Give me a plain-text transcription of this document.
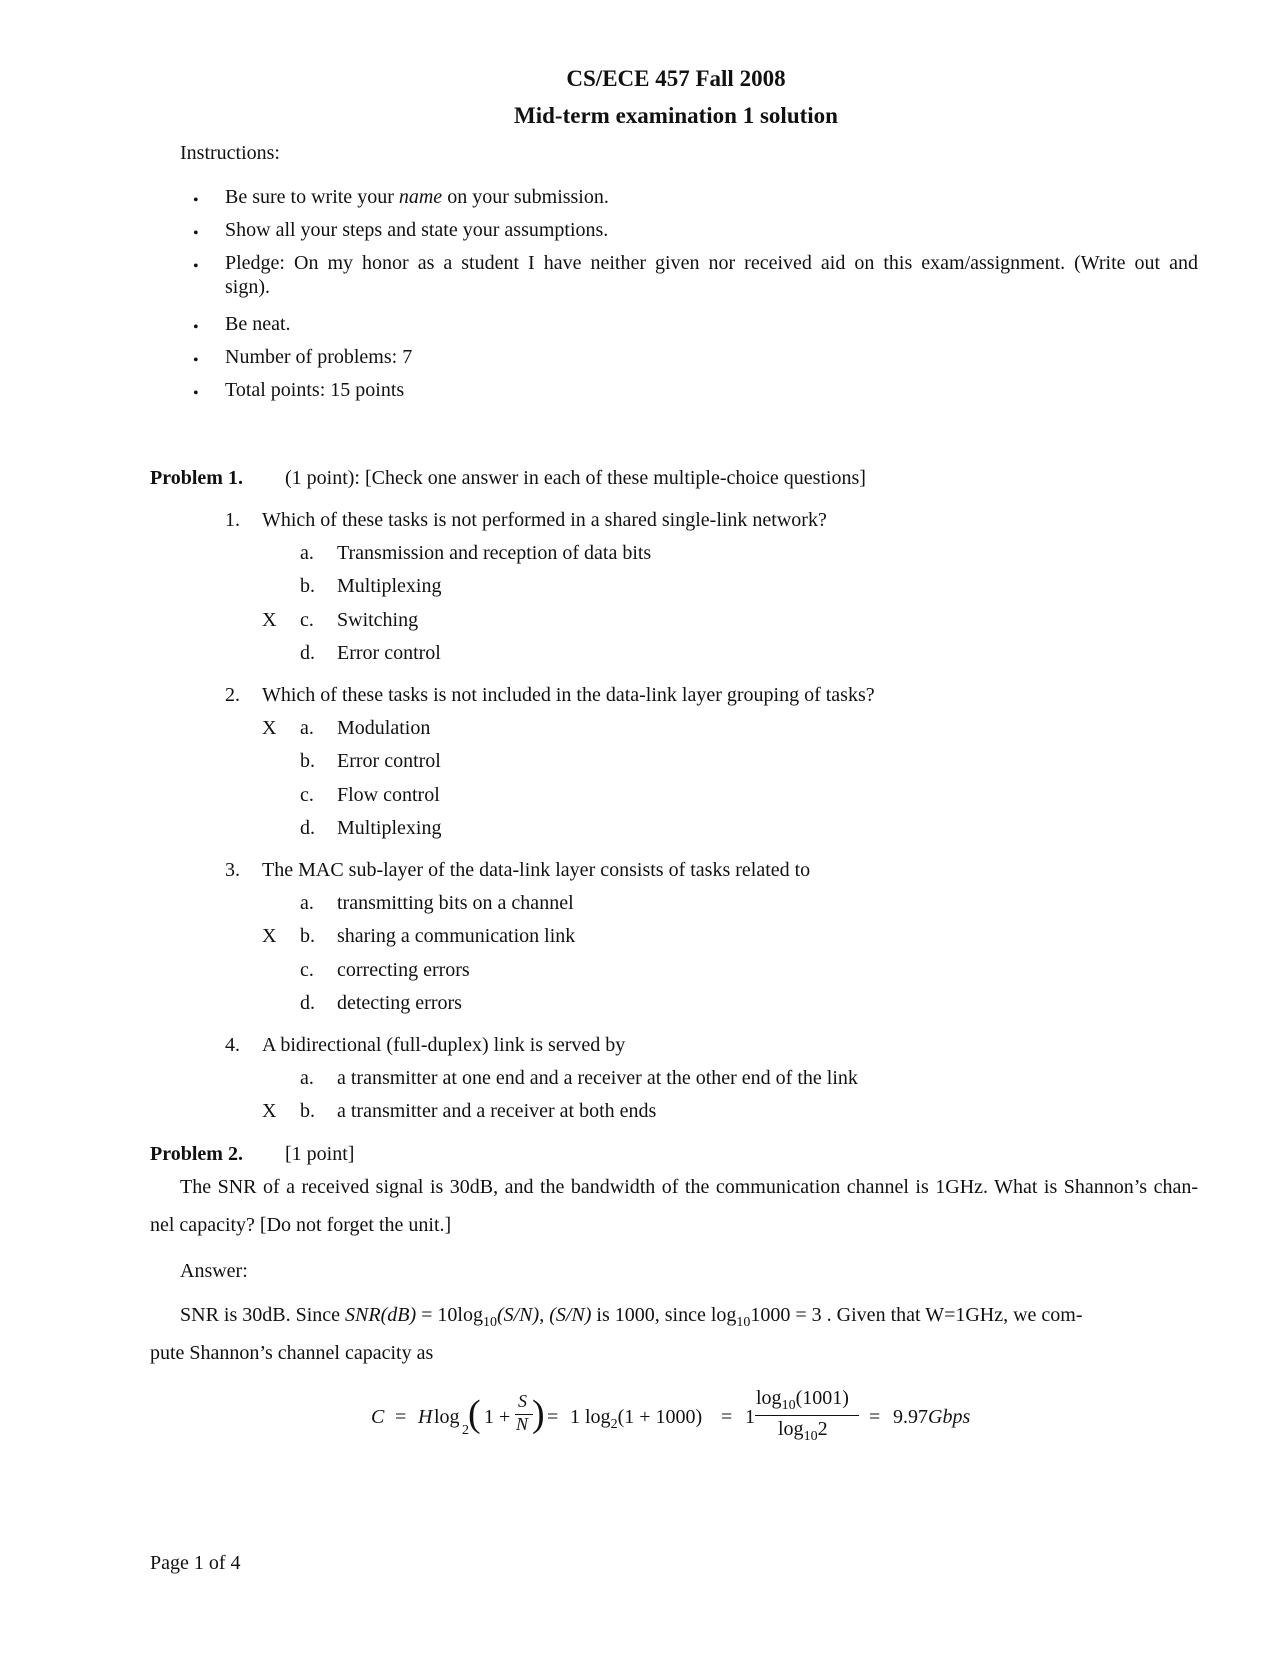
CS/ECE 457 Fall 2008
Mid-term examination 1 solution
Instructions:
• Be sure to write your name on your submission.
• Show all your steps and state your assumptions.
• Pledge: On my honor as a student I have neither given nor received aid on this exam/assignment. (Write out and
sign).
• Be neat.
• Number of problems: 7
• Total points: 15 points
Problem 1. (1 point): [Check one answer in each of these multiple-choice questions]
1. Which of these tasks is not performed in a shared single-link network?
a. Transmission and reception of data bits
b. Multiplexing
X c. Switching
d. Error control
2. Which of these tasks is not included in the data-link layer grouping of tasks?
X a. Modulation
b. Error control
c. Flow control
d. Multiplexing
3. The MAC sub-layer of the data-link layer consists of tasks related to
a. transmitting bits on a channel
X b. sharing a communication link
c. correcting errors
d. detecting errors
4. A bidirectional (full-duplex) link is served by
a. a transmitter at one end and a receiver at the other end of the link
X b. a transmitter and a receiver at both ends
Problem 2. [1 point]
The SNR of a received signal is 30dB, and the bandwidth of the communication channel is 1GHz. What is Shannon’s chan-
nel capacity? [Do not forget the unit.]
Answer:
SNR is 30dB. Since $SNR(dB) = 10\log_{10}(S/N)$, (S/N) is 1000, since $\log_{10}1000 = 3$ . Given that W=1GHz, we com-
pute Shannon’s channel capacity as
C = H log
2 ( 1 +
S
N ) = 1 $\log_2(1 + 1000) = 1$
$\log_{10}(1001)$
$\log_{10}2$
= 9.97Gbps
Page 1 of 4
